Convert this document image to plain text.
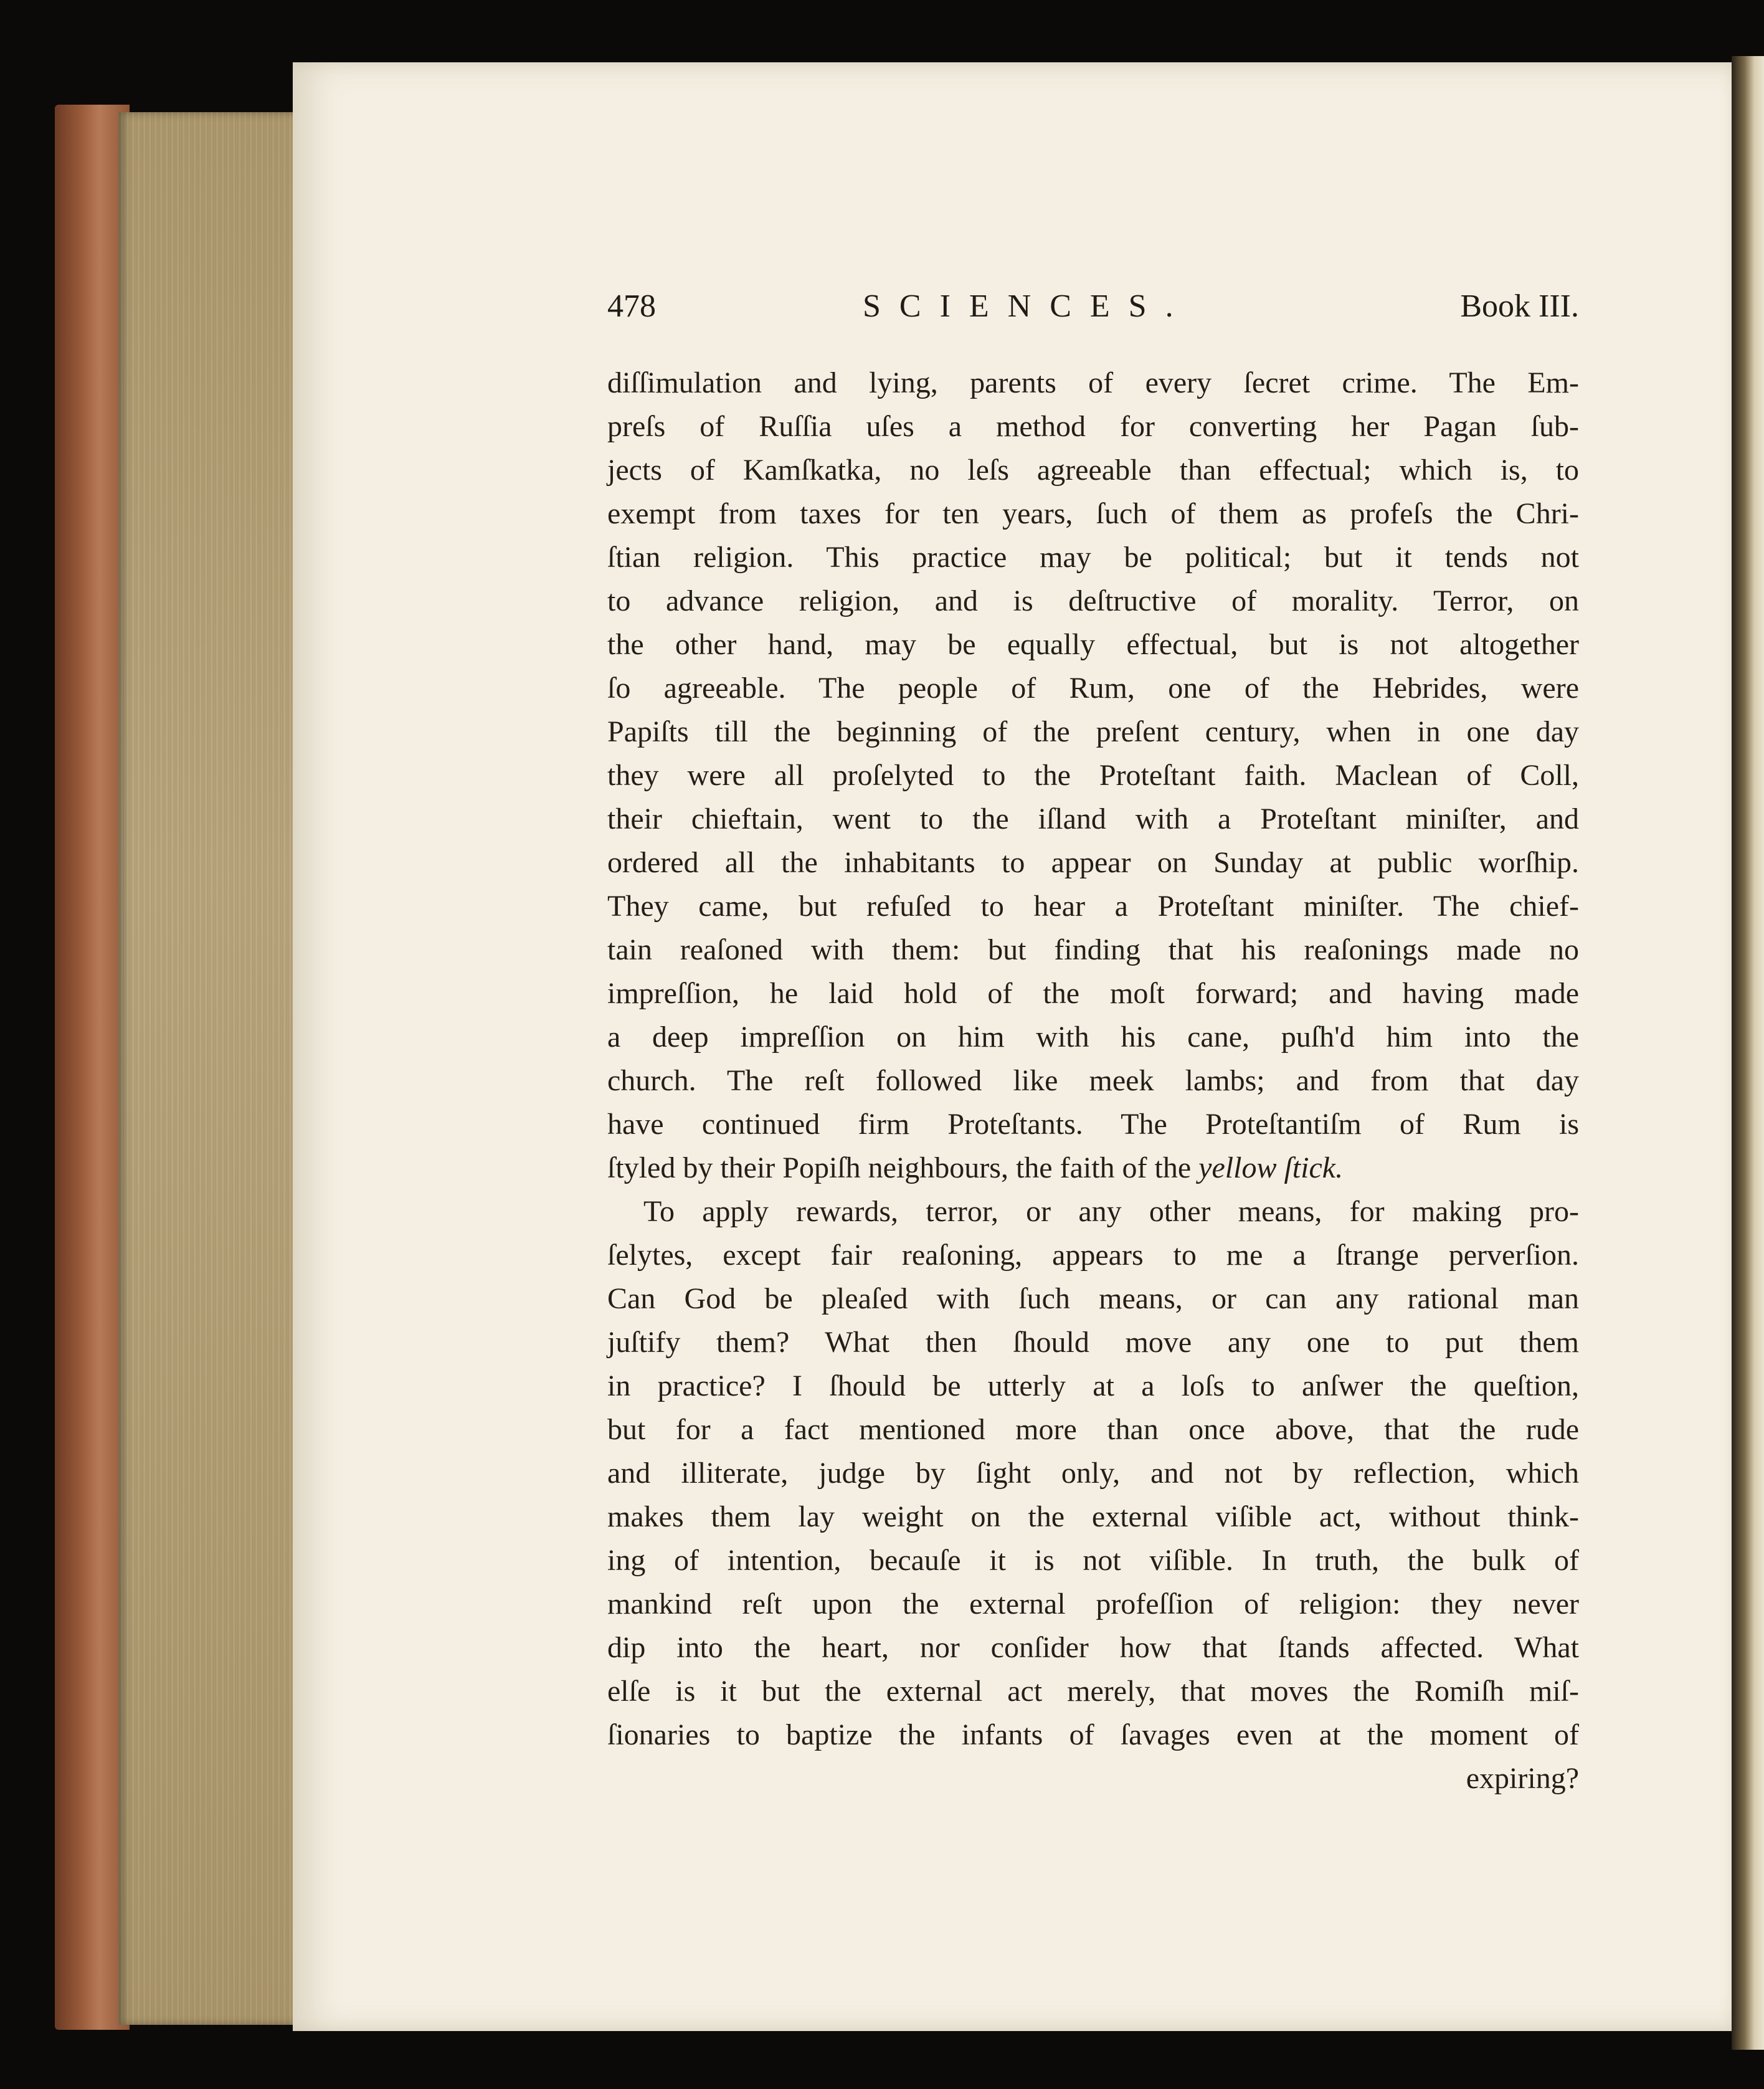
478	SCIENCES.	Book III.
diſſimulation and lying, parents of every ſecret crime. The Em-
preſs of Ruſſia uſes a method for converting her Pagan ſub-
jects of Kamſkatka, no leſs agreeable than effectual; which is, to
exempt from taxes for ten years, ſuch of them as profeſs the Chri-
ſtian religion. This practice may be political; but it tends not
to advance religion, and is deſtructive of morality. Terror, on
the other hand, may be equally effectual, but is not altogether
ſo agreeable. The people of Rum, one of the Hebrides, were
Papiſts till the beginning of the preſent century, when in one day
they were all proſelyted to the Proteſtant faith. Maclean of Coll,
their chieftain, went to the iſland with a Proteſtant miniſter, and
ordered all the inhabitants to appear on Sunday at public worſhip.
They came, but refuſed to hear a Proteſtant miniſter. The chief-
tain reaſoned with them: but finding that his reaſonings made no
impreſſion, he laid hold of the moſt forward; and having made
a deep impreſſion on him with his cane, puſh'd him into the
church. The reſt followed like meek lambs; and from that day
have continued firm Proteſtants. The Proteſtantiſm of Rum is
ſtyled by their Popiſh neighbours, the faith of the yellow ſtick.
To apply rewards, terror, or any other means, for making pro-
ſelytes, except fair reaſoning, appears to me a ſtrange perverſion.
Can God be pleaſed with ſuch means, or can any rational man
juſtify them? What then ſhould move any one to put them
in practice? I ſhould be utterly at a loſs to anſwer the queſtion,
but for a fact mentioned more than once above, that the rude
and illiterate, judge by ſight only, and not by reflection, which
makes them lay weight on the external viſible act, without think-
ing of intention, becauſe it is not viſible. In truth, the bulk of
mankind reſt upon the external profeſſion of religion: they never
dip into the heart, nor conſider how that ſtands affected. What
elſe is it but the external act merely, that moves the Romiſh miſ-
ſionaries to baptize the infants of ſavages even at the moment of
expiring?
